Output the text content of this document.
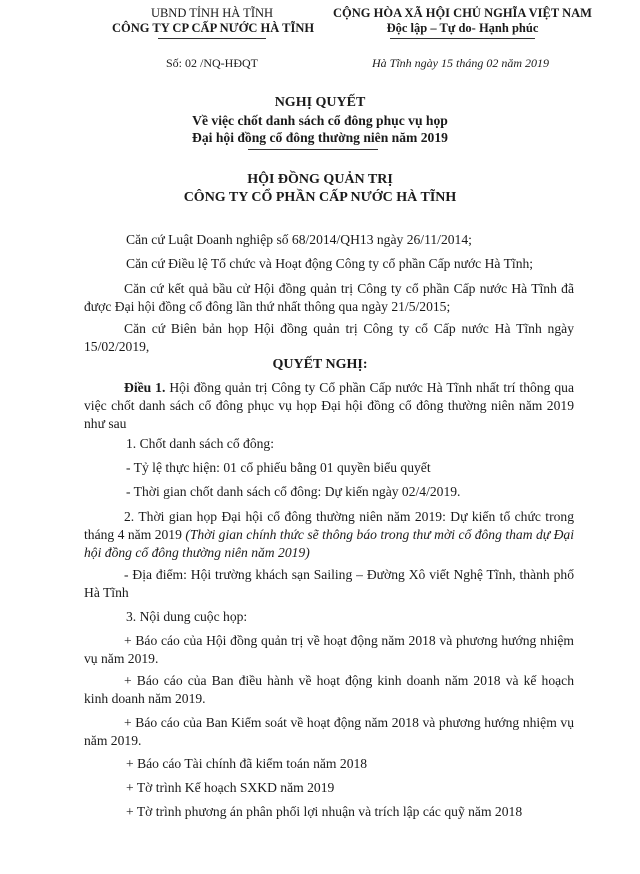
UBND TỈNH HÀ TĨNH
CÔNG TY CP CẤP NƯỚC HÀ TĨNH
Số: 02 /NQ-HĐQT
CỘNG HÒA XÃ HỘI CHỦ NGHĨA VIỆT NAM
Độc lập – Tự do- Hạnh phúc
Hà Tĩnh ngày 15 tháng 02 năm 2019
NGHỊ QUYẾT
Về việc chốt danh sách cổ đông phục vụ họp
Đại hội đồng cổ đông thường niên năm 2019
HỘI ĐỒNG QUẢN TRỊ
CÔNG TY CỔ PHẦN CẤP NƯỚC HÀ TĨNH
Căn cứ Luật Doanh nghiệp số 68/2014/QH13 ngày 26/11/2014;
Căn cứ Điều lệ Tổ chức và Hoạt động Công ty cổ phần Cấp nước Hà Tĩnh;
Căn cứ kết quả bầu cử Hội đồng quản trị Công ty cổ phần Cấp nước Hà Tĩnh đã được Đại hội đồng cổ đông lần thứ nhất thông qua ngày 21/5/2015;
Căn cứ Biên bản họp Hội đồng quản trị Công ty cổ Cấp nước Hà Tĩnh ngày 15/02/2019,
QUYẾT NGHỊ:
Điều 1. Hội đồng quản trị Công ty Cổ phần Cấp nước Hà Tĩnh nhất trí thông qua việc chốt danh sách cổ đông phục vụ họp Đại hội đồng cổ đông thường niên năm 2019 như sau
1. Chốt danh sách cổ đông:
- Tỷ lệ thực hiện: 01 cổ phiếu bằng 01 quyền biểu quyết
- Thời gian chốt danh sách cổ đông: Dự kiến ngày 02/4/2019.
2. Thời gian họp Đại hội cổ đông thường niên năm 2019: Dự kiến tổ chức trong tháng 4 năm 2019 (Thời gian chính thức sẽ thông báo trong thư mời cổ đông tham dự Đại hội đồng cổ đông thường niên năm 2019)
- Địa điểm: Hội trường khách sạn Sailing – Đường Xô viết Nghệ Tĩnh, thành phố Hà Tĩnh
3. Nội dung cuộc họp:
+ Báo cáo của Hội đồng quản trị về hoạt động năm 2018 và phương hướng nhiệm vụ năm 2019.
+ Báo cáo của Ban điều hành về hoạt động kinh doanh năm 2018 và kế hoạch kinh doanh năm 2019.
+ Báo cáo của Ban Kiểm soát về hoạt động năm 2018 và phương hướng nhiệm vụ năm 2019.
+ Báo cáo Tài chính đã kiểm toán năm 2018
+ Tờ trình Kế hoạch SXKD năm 2019
+ Tờ trình phương án phân phối lợi nhuận và trích lập các quỹ năm 2018
